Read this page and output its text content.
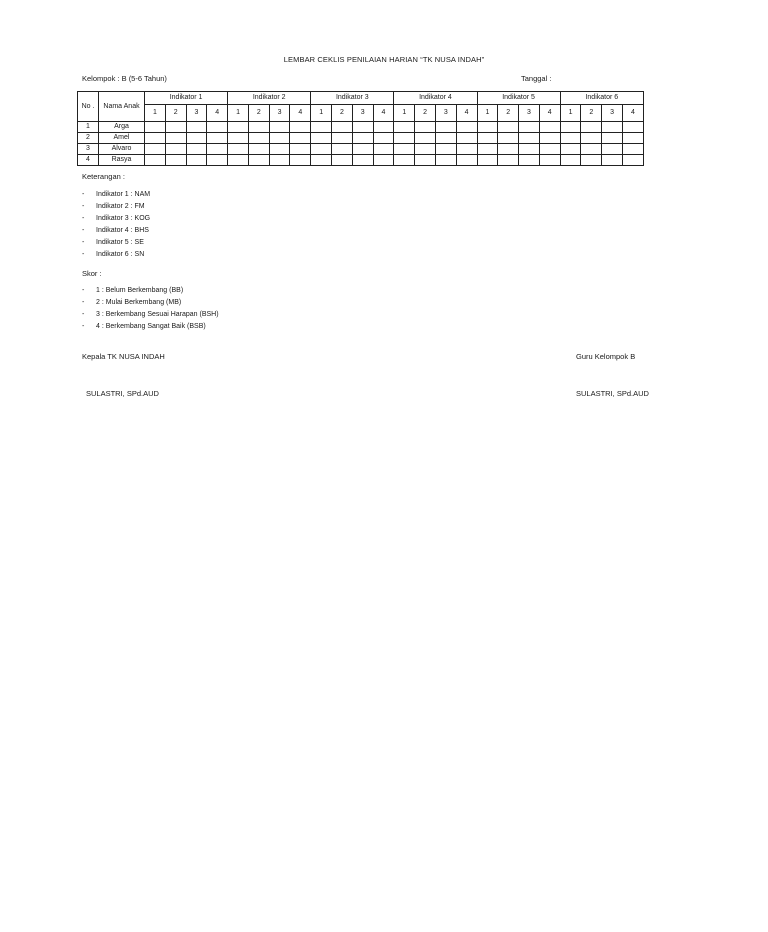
LEMBAR CEKLIS PENILAIAN HARIAN “TK NUSA INDAH”
Kelompok : B (5-6 Tahun)	Tanggal :
No .	Nama Anak	Indikator 1				Indikator 2				Indikator 3				Indikator 4				Indikator 5				Indikator 6			
		1	2	3	4	1	2	3	4	1	2	3	4	1	2	3	4	1	2	3	4	1	2	3	4
1	Arga																								
2	Amel																								
3	Alvaro																								
4	Rasya																								
Keterangan :
- Indikator 1 : NAM
- Indikator 2 : FM
- Indikator 3 : KOG
- Indikator 4 : BHS
- Indikator 5 : SE
- Indikator 6 : SN
Skor :
- 1 : Belum Berkembang (BB)
- 2 : Mulai Berkembang (MB)
- 3 : Berkembang Sesuai Harapan (BSH)
- 4 : Berkembang Sangat Baik (BSB)
Kepala TK NUSA INDAH	Guru Kelompok B
SULASTRI, SPd.AUD	SULASTRI, SPd.AUD
